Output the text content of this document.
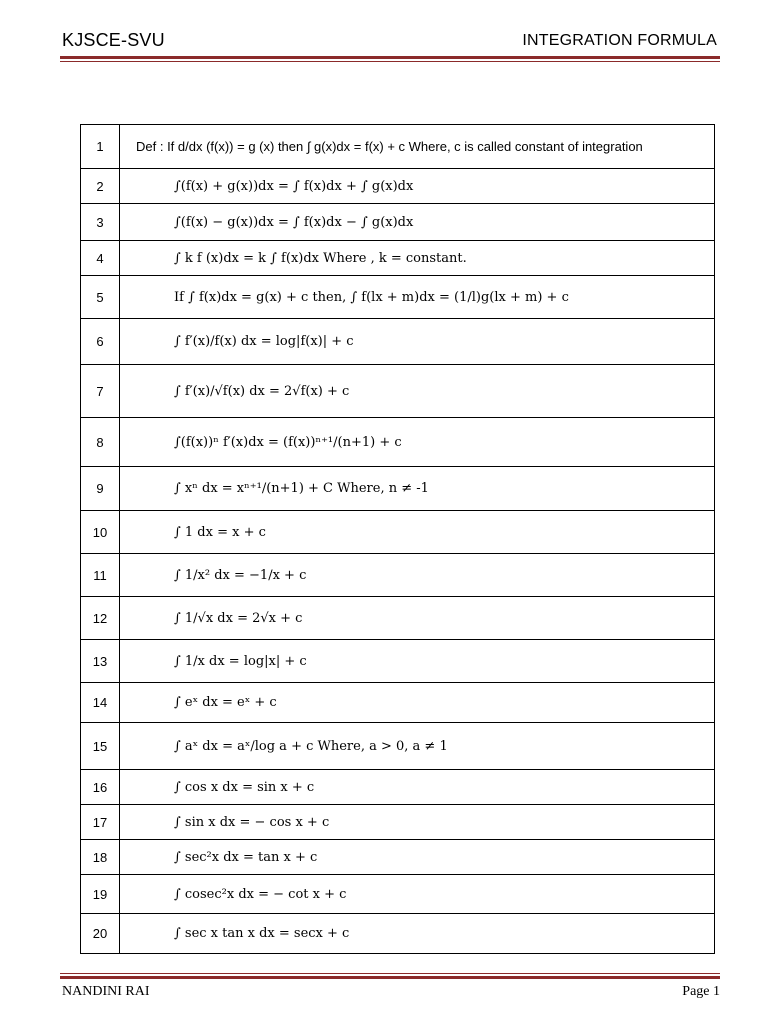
KJSCE-SVU	INTEGRATION FORMULA
1	Def : If d/dx (f(x)) = g (x) then ∫ g(x)dx = f(x) + c Where, c is called constant of integration
2	∫(f(x) + g(x))dx = ∫ f(x)dx + ∫ g(x)dx
3	∫(f(x) − g(x))dx = ∫ f(x)dx − ∫ g(x)dx
4	∫ k f (x)dx = k ∫ f(x)dx Where , k = constant.
5	If ∫ f(x)dx = g(x) + c then, ∫ f(lx + m)dx = (1/l)g(lx + m) + c
6	∫ f′(x)/f(x) dx = log|f(x)| + c
7	∫ f′(x)/√f(x) dx = 2√f(x) + c
8	∫(f(x))ⁿ f′(x)dx = (f(x))ⁿ⁺¹/(n+1) + c
9	∫ xⁿ dx = xⁿ⁺¹/(n+1) + C Where, n ≠ -1
10	∫ 1 dx = x + c
11	∫ 1/x² dx = −1/x + c
12	∫ 1/√x dx = 2√x + c
13	∫ 1/x dx = log|x| + c
14	∫ eˣ dx = eˣ + c
15	∫ aˣ dx = aˣ/log a + c Where, a > 0, a ≠ 1
16	∫ cos x dx = sin x + c
17	∫ sin x dx = − cos x + c
18	∫ sec²x dx = tan x + c
19	∫ cosec²x dx = − cot x + c
20	∫ sec x tan x dx = secx + c
NANDINI RAI	Page 1
